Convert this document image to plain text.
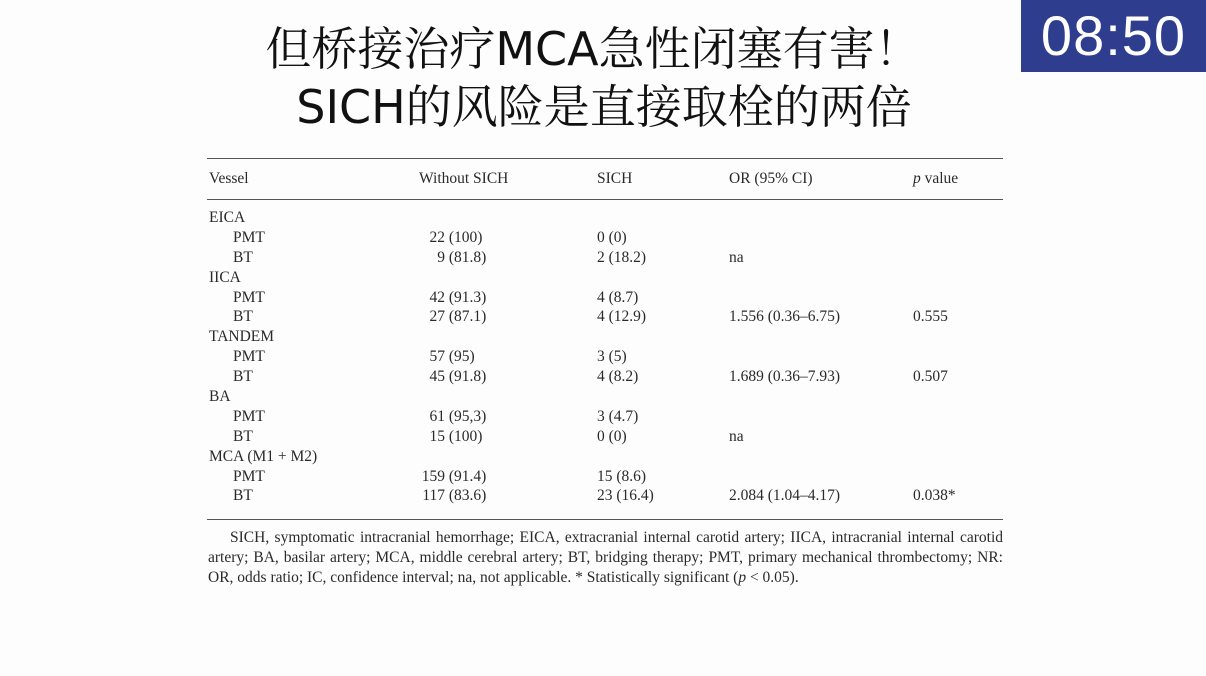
但桥接治疗MCA急性闭塞有害！
SICH的风险是直接取栓的两倍
08:50
Vessel	Without SICH	SICH	OR (95% CI)	p value
EICA
PMT	22 (100)	0 (0)
BT	9 (81.8)	2 (18.2)	na
IICA
PMT	42 (91.3)	4 (8.7)
BT	27 (87.1)	4 (12.9)	1.556 (0.36–6.75)	0.555
TANDEM
PMT	57 (95)	3 (5)
BT	45 (91.8)	4 (8.2)	1.689 (0.36–7.93)	0.507
BA
PMT	61 (95,3)	3 (4.7)
BT	15 (100)	0 (0)	na
MCA (M1 + M2)
PMT	159 (91.4)	15 (8.6)
BT	117 (83.6)	23 (16.4)	2.084 (1.04–4.17)	0.038*
SICH, symptomatic intracranial hemorrhage; EICA, extracranial internal carotid artery; IICA, intracranial internal carotid artery; BA, basilar artery; MCA, middle cerebral artery; BT, bridging therapy; PMT, primary mechanical thrombectomy; NR: OR, odds ratio; IC, confidence interval; na, not applicable. * Statistically significant (p < 0.05).
